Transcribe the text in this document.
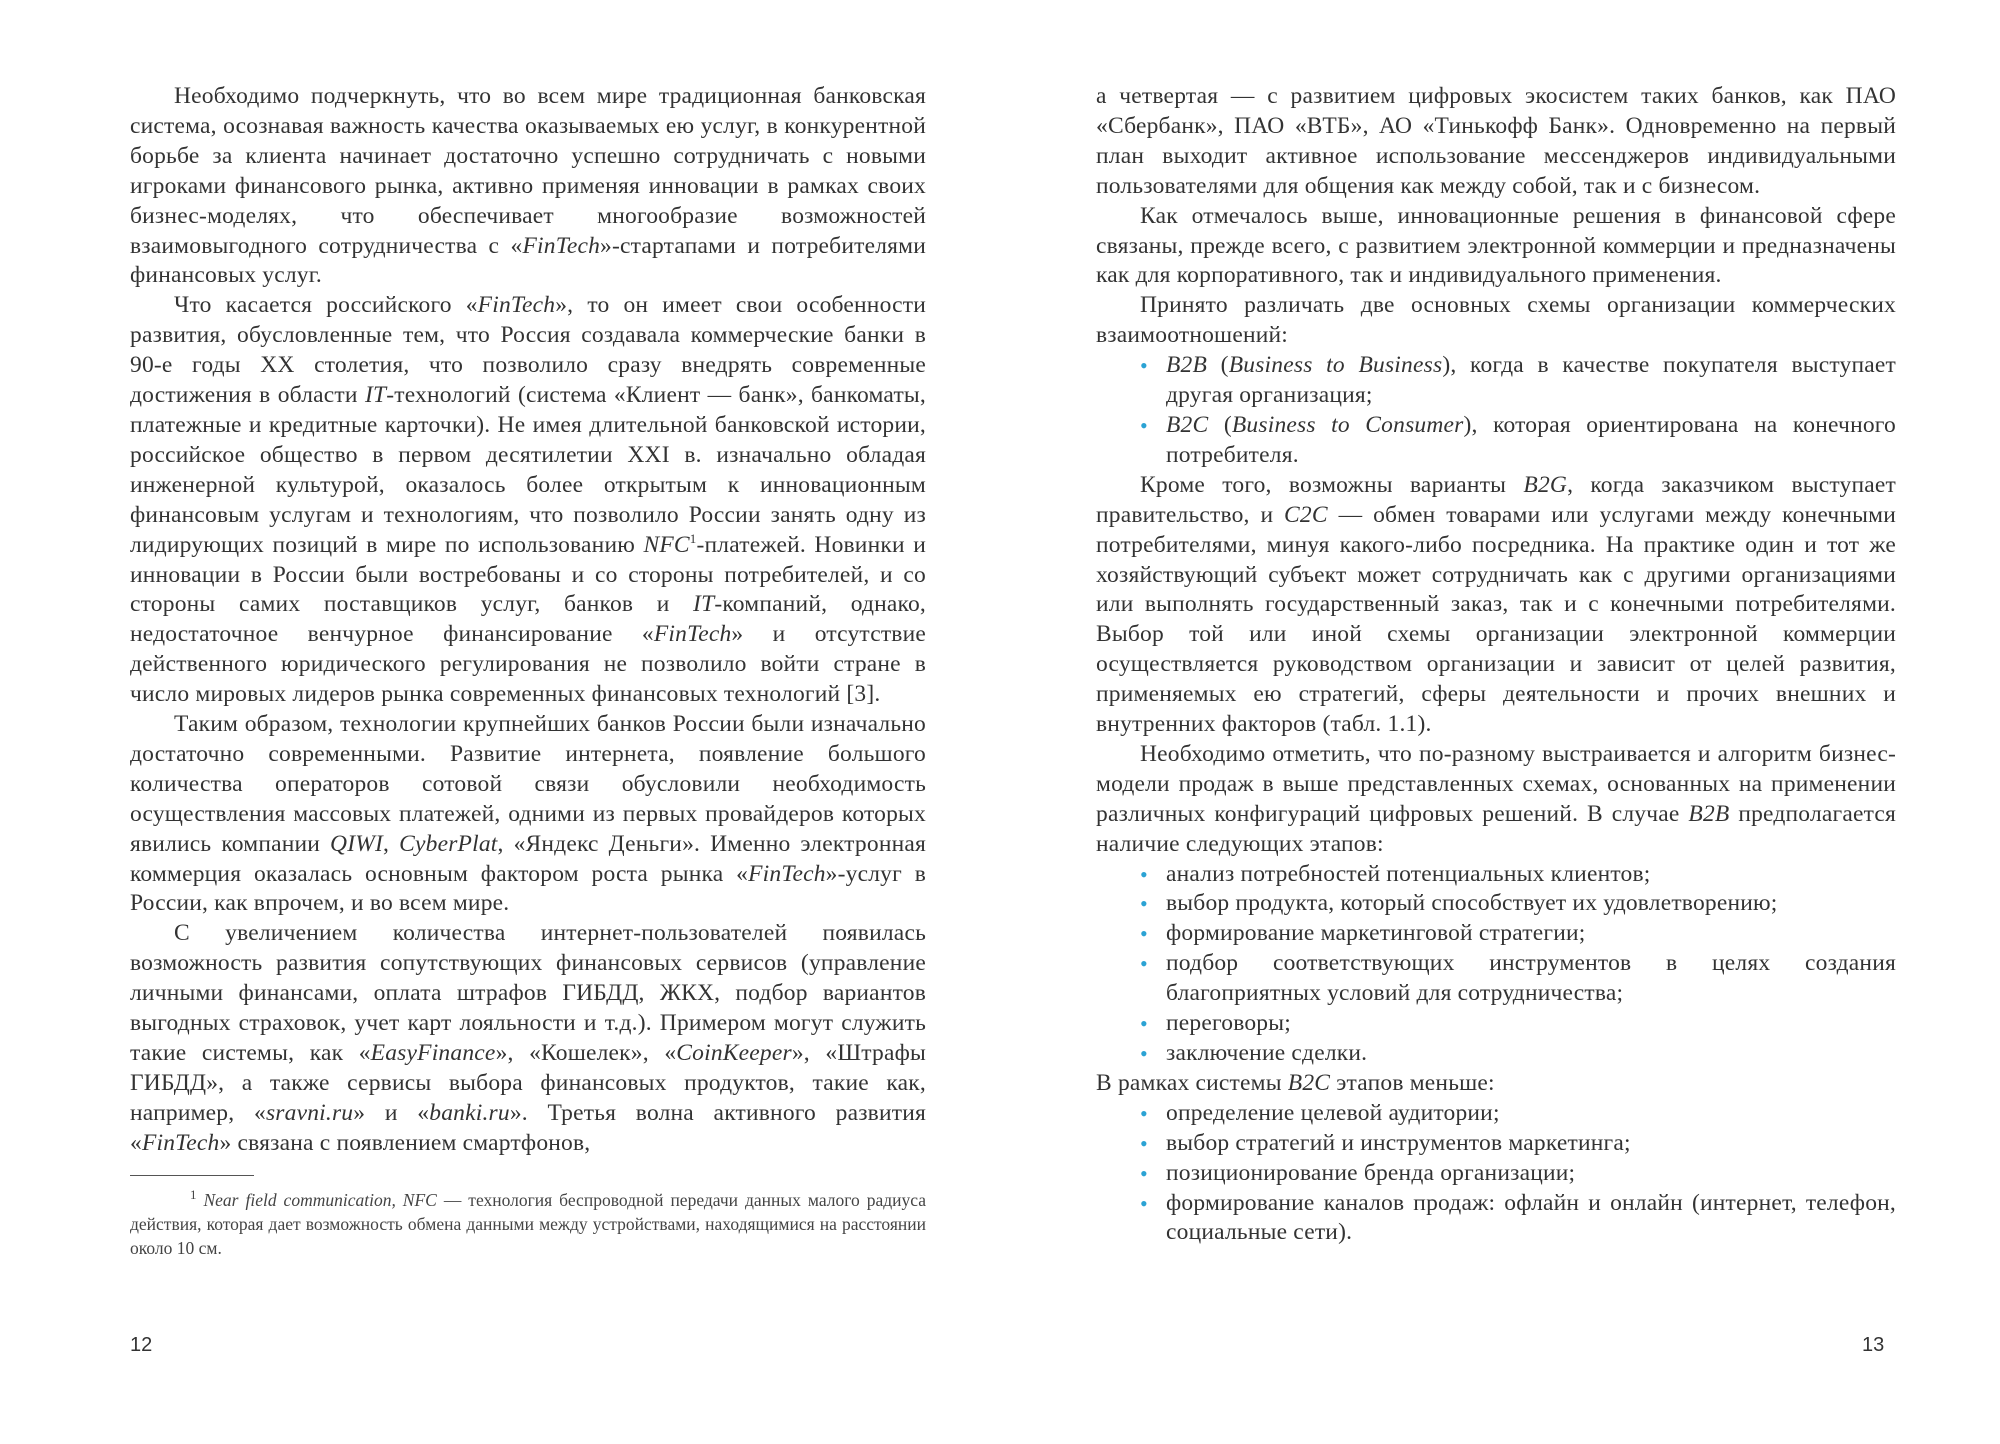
Необходимо подчеркнуть, что во всем мире традиционная банковская система, осознавая важность качества оказываемых ею услуг, в конкурентной борьбе за клиента начинает достаточно успешно сотрудничать с новыми игроками финансового рынка, активно применяя инновации в рамках своих бизнес-моделях, что обеспечивает многообразие возможностей взаимовыгодного сотрудничества с «FinTech»-стартапами и потребителями финансовых услуг.

Что касается российского «FinTech», то он имеет свои особенности развития, обусловленные тем, что Россия создавала коммерческие банки в 90-е годы XX столетия, что позволило сразу внедрять современные достижения в области IT-технологий (система «Клиент — банк», банкоматы, платежные и кредитные карточки). Не имея длительной банковской истории, российское общество в первом десятилетии XXI в. изначально обладая инженерной культурой, оказалось более открытым к инновационным финансовым услугам и технологиям, что позволило России занять одну из лидирующих позиций в мире по использованию NFC$^1$-платежей. Новинки и инновации в России были востребованы и со стороны потребителей, и со стороны самих поставщиков услуг, банков и IT-компаний, однако, недостаточное венчурное финансирование «FinTech» и отсутствие действенного юридического регулирования не позволило войти стране в число мировых лидеров рынка современных финансовых технологий [3].

Таким образом, технологии крупнейших банков России были изначально достаточно современными. Развитие интернета, появление большого количества операторов сотовой связи обусловили необходимость осуществления массовых платежей, одними из первых провайдеров которых явились компании QIWI, CyberPlat, «Яндекс Деньги». Именно электронная коммерция оказалась основным фактором роста рынка «FinTech»-услуг в России, как впрочем, и во всем мире.

С увеличением количества интернет-пользователей появилась возможность развития сопутствующих финансовых сервисов (управление личными финансами, оплата штрафов ГИБДД, ЖКХ, подбор вариантов выгодных страховок, учет карт лояльности и т.д.). Примером могут служить такие системы, как «EasyFinance», «Кошелек», «CoinKeeper», «Штрафы ГИБДД», а также сервисы выбора финансовых продуктов, такие как, например, «sravni.ru» и «banki.ru». Третья волна активного развития «FinTech» связана с появлением смартфонов,

$^1$ Near field communication, NFC — технология беспроводной передачи данных малого радиуса действия, которая дает возможность обмена данными между устройствами, находящимися на расстоянии около 10 см.
12

а четвертая — с развитием цифровых экосистем таких банков, как ПАО «Сбербанк», ПАО «ВТБ», АО «Тинькофф Банк». Одновременно на первый план выходит активное использование мессенджеров индивидуальными пользователями для общения как между собой, так и с бизнесом.

Как отмечалось выше, инновационные решения в финансовой сфере связаны, прежде всего, с развитием электронной коммерции и предназначены как для корпоративного, так и индивидуального применения.

Принято различать две основных схемы организации коммерческих взаимоотношений:

• B2B (Business to Business), когда в качестве покупателя выступает другая организация;
• B2C (Business to Consumer), которая ориентирована на конечного потребителя.

Кроме того, возможны варианты B2G, когда заказчиком выступает правительство, и C2C — обмен товарами или услугами между конечными потребителями, минуя какого-либо посредника. На практике один и тот же хозяйствующий субъект может сотрудничать как с другими организациями или выполнять государственный заказ, так и с конечными потребителями. Выбор той или иной схемы организации электронной коммерции осуществляется руководством организации и зависит от целей развития, применяемых ею стратегий, сферы деятельности и прочих внешних и внутренних факторов (табл. 1.1).

Необходимо отметить, что по-разному выстраивается и алгоритм бизнес-модели продаж в выше представленных схемах, основанных на применении различных конфигураций цифровых решений. В случае B2B предполагается наличие следующих этапов:

• анализ потребностей потенциальных клиентов;
• выбор продукта, который способствует их удовлетворению;
• формирование маркетинговой стратегии;
• подбор соответствующих инструментов в целях создания благоприятных условий для сотрудничества;
• переговоры;
• заключение сделки.

В рамках системы B2C этапов меньше:

• определение целевой аудитории;
• выбор стратегий и инструментов маркетинга;
• позиционирование бренда организации;
• формирование каналов продаж: офлайн и онлайн (интернет, телефон, социальные сети).
13
